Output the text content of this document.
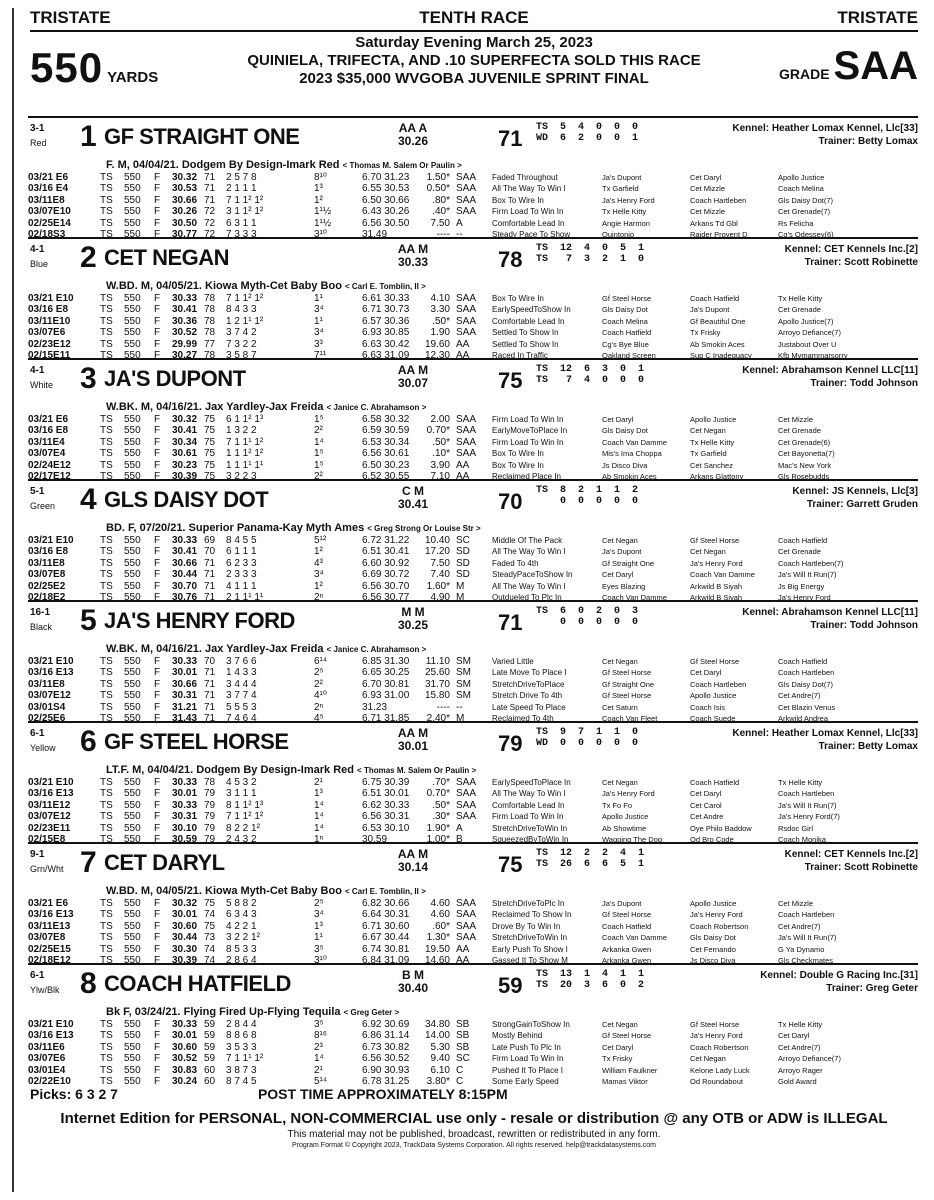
TRISTATE	TENTH RACE	TRISTATE
550 YARDS
Saturday Evening March 25, 2023
QUINIELA, TRIFECTA, AND .10 SUPERFECTA SOLD THIS RACE
2023 $35,000 WVGOBA JUVENILE SPRINT FINAL	GRADE SAA
3-1
Red	1 GF STRAIGHT ONE	AA A
30.26	71 TS  5  4  0  0  0
WD  6  2  0  0  1
Kennel: Heather Lomax Kennel, Llc[33]
Trainer: Betty Lomax
F. M, 04/04/21. Dodgem By Design-Imark Red < Thomas M. Salem Or Paulin >
03/21 E6	TS	550	F	30.32 71	2 5 7 8	8¹⁰	6.70 31.23	1.50* SAA	Faded Throughout	Ja's Dupont	Cet Daryl	Apollo Justice
03/16 E4	TS	550	F	30.53 71	2 1 1 1	1³	6.55 30.53	0.50* SAA	All The Way To Win I	Tx Garfield	Cet Mizzle	Coach Melina
03/11E8	TS	550	F	30.66 71	7 1 1² 1²	1²	6.50 30.66	.80* SAA	Box To Wire In	Ja's Henry Ford	Coach Hartleben	Gls Daisy Dot(7)
03/07E10	TS	550	F	30.26 72	3 1 1² 1²	1¹½	6.43 30.26	.40* SAA	Firm Load To Win In	Tx Helle Kitty	Cet Mizzle	Cet Grenade(7)
02/25E14	TS	550	F	30.50 72	6 3 1 1	1¹½	6.56 30.50	7.50 A	Comfortable Lead In	Angie Harmon	Arkans Td Gbl	Rs Felicha
02/18S3	TS	550	F	30.77 72	7 3 3 3	3¹⁰	31.49	---- --	Steady Pace To Show	Quintonio	Raider Provent D	Cg's Odessey(6)
4-1
Blue	2 CET NEGAN	AA M
30.33	78 TS  12  4  0  5  1
TS   7  3  2  1  0
Kennel: CET Kennels Inc.[2]
Trainer: Scott Robinette
W.BD. M, 04/05/21. Kiowa Myth-Cet Baby Boo < Carl E. Tomblin, II >
03/21 E10	TS	550	F	30.33 78	7 1 1² 1²	1¹	6.61 30.33	4.10 SAA	Box To Wire In	Gf Steel Horse	Coach Hatfield	Tx Helle Kitty
03/16 E8	TS	550	F	30.41 78	8 4 3 3	3⁴	6.71 30.73	3.30 SAA	EarlySpeedToShow In	Gls Daisy Dot	Ja's Dupont	Cet Grenade
03/11E10	TS	550	F	30.36 78	1 2 1¹ 1²	1¹	6.57 30.36	.50* SAA	Comfortable Lead In	Coach Melina	Gf Beautiful One	Apollo Justice(7)
03/07E6	TS	550	F	30.52 78	3 7 4 2	3⁴	6.93 30.85	1.90 SAA	Settled To Show In	Coach Hatfield	Tx Frisky	Arroyo Defiance(7)
02/23E12	TS	550	F	29.99 77	7 3 2 2	3³	6.63 30.42	19.60 AA	Settled To Show In	Cg's Bye Blue	Ab Smokin Aces	Justabout Over U
02/15E11	TS	550	F	30.27 78	3 5 8 7	7¹¹	6.63 31.09	12.30 AA	Raced In Traffic	Oakland Screen	Sup C Inadequacy	Kfb Mymammarsorry
4-1
White 3 JA'S DUPONT	AA M
30.07	75 TS  12  6  3  0  1
TS   7  4  0  0  0
Kennel: Abrahamson Kennel LLC[11]
Trainer: Todd Johnson
W.BK. M, 04/16/21. Jax Yardley-Jax Freida < Janice C. Abrahamson >
03/21 E6	TS	550	F	30.32 75	6 1 1² 1³	1⁵	6.58 30.32	2.00 SAA	Firm Load To Win In	Cet Daryl	Apollo Justice	Cet Mizzle
03/16 E8	TS	550	F	30.41 75	1 3 2 2	2²	6.59 30.59	0.70* SAA	EarlyMoveToPlace In	Gls Daisy Dot	Cet Negan	Cet Grenade
03/11E4	TS	550	F	30.34 75	7 1 1¹ 1²	1⁴	6.53 30.34	.50* SAA	Firm Load To Win In	Coach Van Damme	Tx Helle Kitty	Cet Grenade(6)
03/07E4	TS	550	F	30.61 75	1 1 1² 1²	1⁵	6.56 30.61	.10* SAA	Box To Wire In	Mis's Ima Choppa	Tx Garfield	Cet Bayonetta(7)
02/24E12	TS	550	F	30.23 75	1 1 1¹ 1¹	1⁵	6.50 30.23	3.90 AA	Box To Wire In	Js Disco Diva	Cet Sanchez	Mac's New York
02/17E12	TS	550	F	30.39 75	3 2 2 3	2²	6.52 30.55	7.10 AA	Reclaimed Place In	Ab Smokin Aces	Arkans Glattony	Gls Rosebudds
5-1
Green 4 GLS DAISY DOT	C M
30.41	70 TS  8  2  1  1  2
0  0  0  0  0
Kennel: JS Kennels, Llc[3]
Trainer: Garrett Gruden
BD. F, 07/20/21. Superior Panama-Kay Myth Ames < Greg Strong Or Louise Str >
03/21 E10	TS	550	F	30.33 69	8 4 5 5	5¹²	6.72 31.22	10.40 SC	Middle Of The Pack	Cet Negan	Gf Steel Horse	Coach Hatfield
03/16 E8	TS	550	F	30.41 70	6 1 1 1	1²	6.51 30.41	17.20 SD	All The Way To Win I	Ja's Dupont	Cet Negan	Cet Grenade
03/11E8	TS	550	F	30.66 71	6 2 3 3	4³	6.60 30.92	7.50 SD	Faded To 4th	Gf Straight One	Ja's Henry Ford	Coach Hartleben(7)
03/07E8	TS	550	F	30.44 71	2 3 3 3	3⁴	6.69 30.72	7.40 SD	SteadyPaceToShow In	Cet Daryl	Coach Van Damme	Ja's Will It Run(7)
02/25E2	TS	550	F	30.70 71	4 1 1 1	1²	6.56 30.70	1.60* M	All The Way To Win I	Eyes Blazing	Arkwild B Siyah	Js Big Energy
02/18E2	TS	550	F	30.76 71	2 1 1¹ 1¹	2ⁿ	6.56 30.77	4.90 M	Outdueled To Plc In	Coach Van Damme	Arkwild B Siyah	Ja's Henry Ford
16-1
Black 5 JA'S HENRY FORD	M M
30.25	71 TS  6  0  2  0  3
0  0  0  0  0
Kennel: Abrahamson Kennel LLC[11]
Trainer: Todd Johnson
W.BK. M, 04/16/21. Jax Yardley-Jax Freida < Janice C. Abrahamson >
03/21 E10	TS	550	F	30.33 70	3 7 6 6	6¹⁴	6.85 31.30	11.10 SM	Varied Little	Cet Negan	Gf Steel Horse	Coach Hatfield
03/16 E13	TS	550	F	30.01 71	1 4 3 3	2⁵	6.65 30.25	25.60 SM	Late Move To Place I	Gf Steel Horse	Cet Daryl	Coach Hartleben
03/11E8	TS	550	F	30.66 71	3 4 4 4	2²	6.70 30.81	31.70 SM	StretchDriveToPlace	Gf Straight One	Coach Hartleben	Gls Daisy Dot(7)
03/07E12	TS	550	F	30.31 71	3 7 7 4	4¹⁰	6.93 31.00	15.80 SM	Stretch Drive To 4th	Gf Steel Horse	Apollo Justice	Cet Andre(7)
03/01S4	TS	550	F	31.21 71	5 5 5 3	2ⁿ	31.23	---- --	Late Speed To Place	Cet Saturn	Coach Isis	Cet Blazin Venus
02/25E6	TS	550	F	31.43 71	7 4 6 4	4⁵	6.71 31.85	2.40* M	Reclaimed To 4th	Coach Van Fleet	Coach Suede	Arkwild Andrea
6-1
Yellow 6 GF STEEL HORSE	AA M
30.01	79 TS  9  7  1  1  0
WD  0  0  0  0  0
Kennel: Heather Lomax Kennel, Llc[33]
Trainer: Betty Lomax
LT.F. M, 04/04/21. Dodgem By Design-Imark Red < Thomas M. Salem Or Paulin >
03/21 E10	TS	550	F	30.33 78	4 5 3 2	2¹	6.75 30.39	.70* SAA	EarlySpeedToPlace In	Cet Negan	Coach Hatfield	Tx Helle Kitty
03/16 E13	TS	550	F	30.01 79	3 1 1 1	1³	6.51 30.01	0.70* SAA	All The Way To Win I	Ja's Henry Ford	Cet Daryl	Coach Hartleben
03/11E12	TS	550	F	30.33 79	8 1 1² 1³	1⁴	6.62 30.33	.50* SAA	Comfortable Lead In	Tx Fo Fo	Cet Carol	Ja's Will It Run(7)
03/07E12	TS	550	F	30.31 79	7 1 1² 1²	1⁴	6.56 30.31	.30* SAA	Firm Load To Win In	Apollo Justice	Cet Andre	Ja's Henry Ford(7)
02/23E11	TS	550	F	30.10 79	8 2 2 1²	1⁴	6.53 30.10	1.90* A	StretchDriveToWin In	Ab Showtime	Oye Philo Baddow	Rsdoc Girl
02/15E8	TS	550	F	30.59 79	2 4 3 2	1ⁿ	30.59	1.00* B	SqueezedByToWin In	Wagging The Dog	Od Bro Code	Coach Monika
9-1
Grn/Wht 7 CET DARYL	AA M
30.14	75 TS  12  2  2  4  1
TS  26  6  6  5  1
Kennel: CET Kennels Inc.[2]
Trainer: Scott Robinette
W.BD. M, 04/05/21. Kiowa Myth-Cet Baby Boo < Carl E. Tomblin, II >
03/21 E6	TS	550	F	30.32 75	5 8 8 2	2⁵	6.82 30.66	4.60 SAA	StretchDriveToPlc In	Ja's Dupont	Apollo Justice	Cet Mizzle
03/16 E13	TS	550	F	30.01 74	6 3 4 3	3⁴	6.64 30.31	4.60 SAA	Reclaimed To Show In	Gf Steel Horse	Ja's Henry Ford	Coach Hartleben
03/11E13	TS	550	F	30.60 75	4 2 2 1	1³	6.71 30.60	.60* SAA	Drove By To Win In	Coach Hatfield	Coach Robertson	Cet Andre(7)
03/07E8	TS	550	F	30.44 73	3 2 2 1²	1¹	6.67 30.44	1.30* SAA	StretchDriveToWin In	Coach Van Damme	Gls Daisy Dot	Ja's Will It Run(7)
02/25E15	TS	550	F	30.30 74	8 5 3 3	3⁵	6.74 30.81	19.50 AA	Early Push To Show I	Arkanka Gwen	Cet Fernando	G Ya Dynamo
02/18E12	TS	550	F	30.39 74	2 8 6 4	3¹⁰	6.84 31.09	14.60 AA	Gassed It To Show M	Arkanka Gwen	Js Disco Diva	Gls Checkmates
6-1
Ylw/Blk 8 COACH HATFIELD	B M
30.40	59 TS  13  1  4  1  1
TS  20  3  6  0  2
Kennel: Double G Racing Inc.[31]
Trainer: Greg Geter
Bk F, 03/24/21. Flying Fired Up-Flying Tequila < Greg Geter >
03/21 E10	TS	550	F	30.33 59	2 8 4 4	3⁵	6.92 30.69	34.80 SB	StrongGainToShow In	Cet Negan	Gf Steel Horse	Tx Helle Kitty
03/16 E13	TS	550	F	30.01 59	8 8 6 8	8¹⁶	6.86 31.14	14.00 SB	Mostly Behind	Gf Steel Horse	Ja's Henry Ford	Cet Daryl
03/11E6	TS	550	F	30.60 59	3 5 3 3	2³	6.73 30.82	5.30 SB	Late Push To Plc In	Cet Daryl	Coach Robertson	Cet Andre(7)
03/07E6	TS	550	F	30.52 59	7 1 1¹ 1²	1⁴	6.56 30.52	9.40 SC	Firm Load To Win In	Tx Frisky	Cet Negan	Arroyo Defiance(7)
03/01E4	TS	550	F	30.83 60	3 8 7 3	2¹	6.90 30.93	6.10 C	Pushed It To Place I	William Faulkner	Kelone Lady Luck	Arroyo Rager
02/22E10	TS	550	F	30.24 60	8 7 4 5	5¹⁴	6.78 31.25	3.80* C	Some Early Speed	Mamas Viktor	Od Roundabout	Gold Award
Picks: 6 3 2 7	POST TIME APPROXIMATELY 8:15PM
Internet Edition for PERSONAL, NON-COMMERCIAL use only - resale or distribution @ any OTB or ADW is ILLEGAL
This material may not be published, broadcast, rewritten or redistributed in any form.
Program Format © Copyright 2023, TrackData Systems Corporation. All rights reserved. help@trackdatasystems.com
